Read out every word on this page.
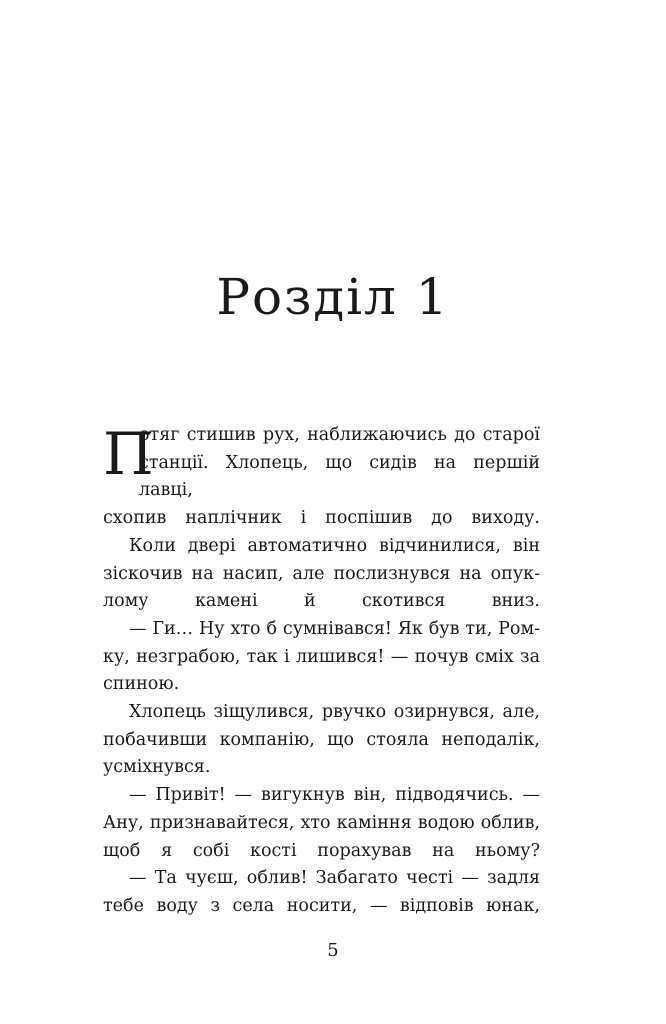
Розділ 1
П
отяг стишив рух, наближаючись до старої
станції. Хлопець, що сидів на першій лавці,
схопив наплічник і поспішив до виходу.
Коли двері автоматично відчинилися, він
зіскочив на насип, але послизнувся на опук-
лому камені й скотився вниз.
— Ги… Ну хто б сумнівався! Як був ти, Ром-
ку, незграбою, так і лишився! — почув сміх за
спиною.
Хлопець зіщулився, рвучко озирнувся, але,
побачивши компанію, що стояла неподалік,
усміхнувся.
— Привіт! — вигукнув він, підводячись. —
Ану, признавайтеся, хто каміння водою облив,
щоб я собі кості порахував на ньому?
— Та чуєш, облив! Забагато честі — задля
тебе воду з села носити, — відповів юнак,
5
